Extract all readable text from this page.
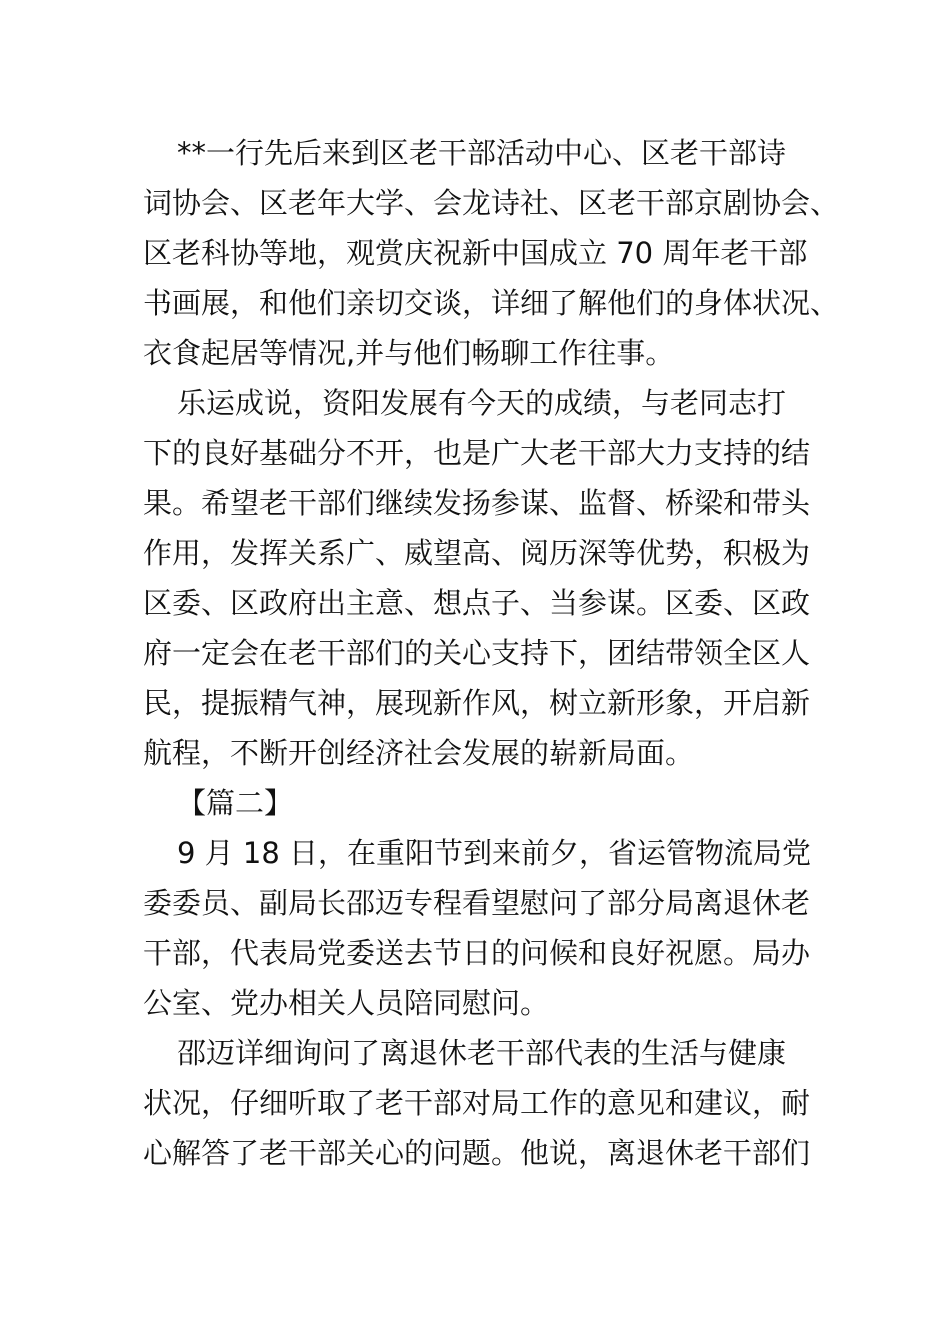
**一行先后来到区老干部活动中心、区老干部诗
词协会、区老年大学、会龙诗社、区老干部京剧协会、
区老科协等地，观赏庆祝新中国成立 70 周年老干部
书画展，和他们亲切交谈，详细了解他们的身体状况、
衣食起居等情况,并与他们畅聊工作往事。
乐运成说，资阳发展有今天的成绩，与老同志打
下的良好基础分不开，也是广大老干部大力支持的结
果。希望老干部们继续发扬参谋、监督、桥梁和带头
作用，发挥关系广、威望高、阅历深等优势，积极为
区委、区政府出主意、想点子、当参谋。区委、区政
府一定会在老干部们的关心支持下，团结带领全区人
民，提振精气神，展现新作风，树立新形象，开启新
航程，不断开创经济社会发展的崭新局面。
【篇二】
9 月 18 日，在重阳节到来前夕，省运管物流局党
委委员、副局长邵迈专程看望慰问了部分局离退休老
干部，代表局党委送去节日的问候和良好祝愿。局办
公室、党办相关人员陪同慰问。
邵迈详细询问了离退休老干部代表的生活与健康
状况，仔细听取了老干部对局工作的意见和建议，耐
心解答了老干部关心的问题。他说，离退休老干部们
